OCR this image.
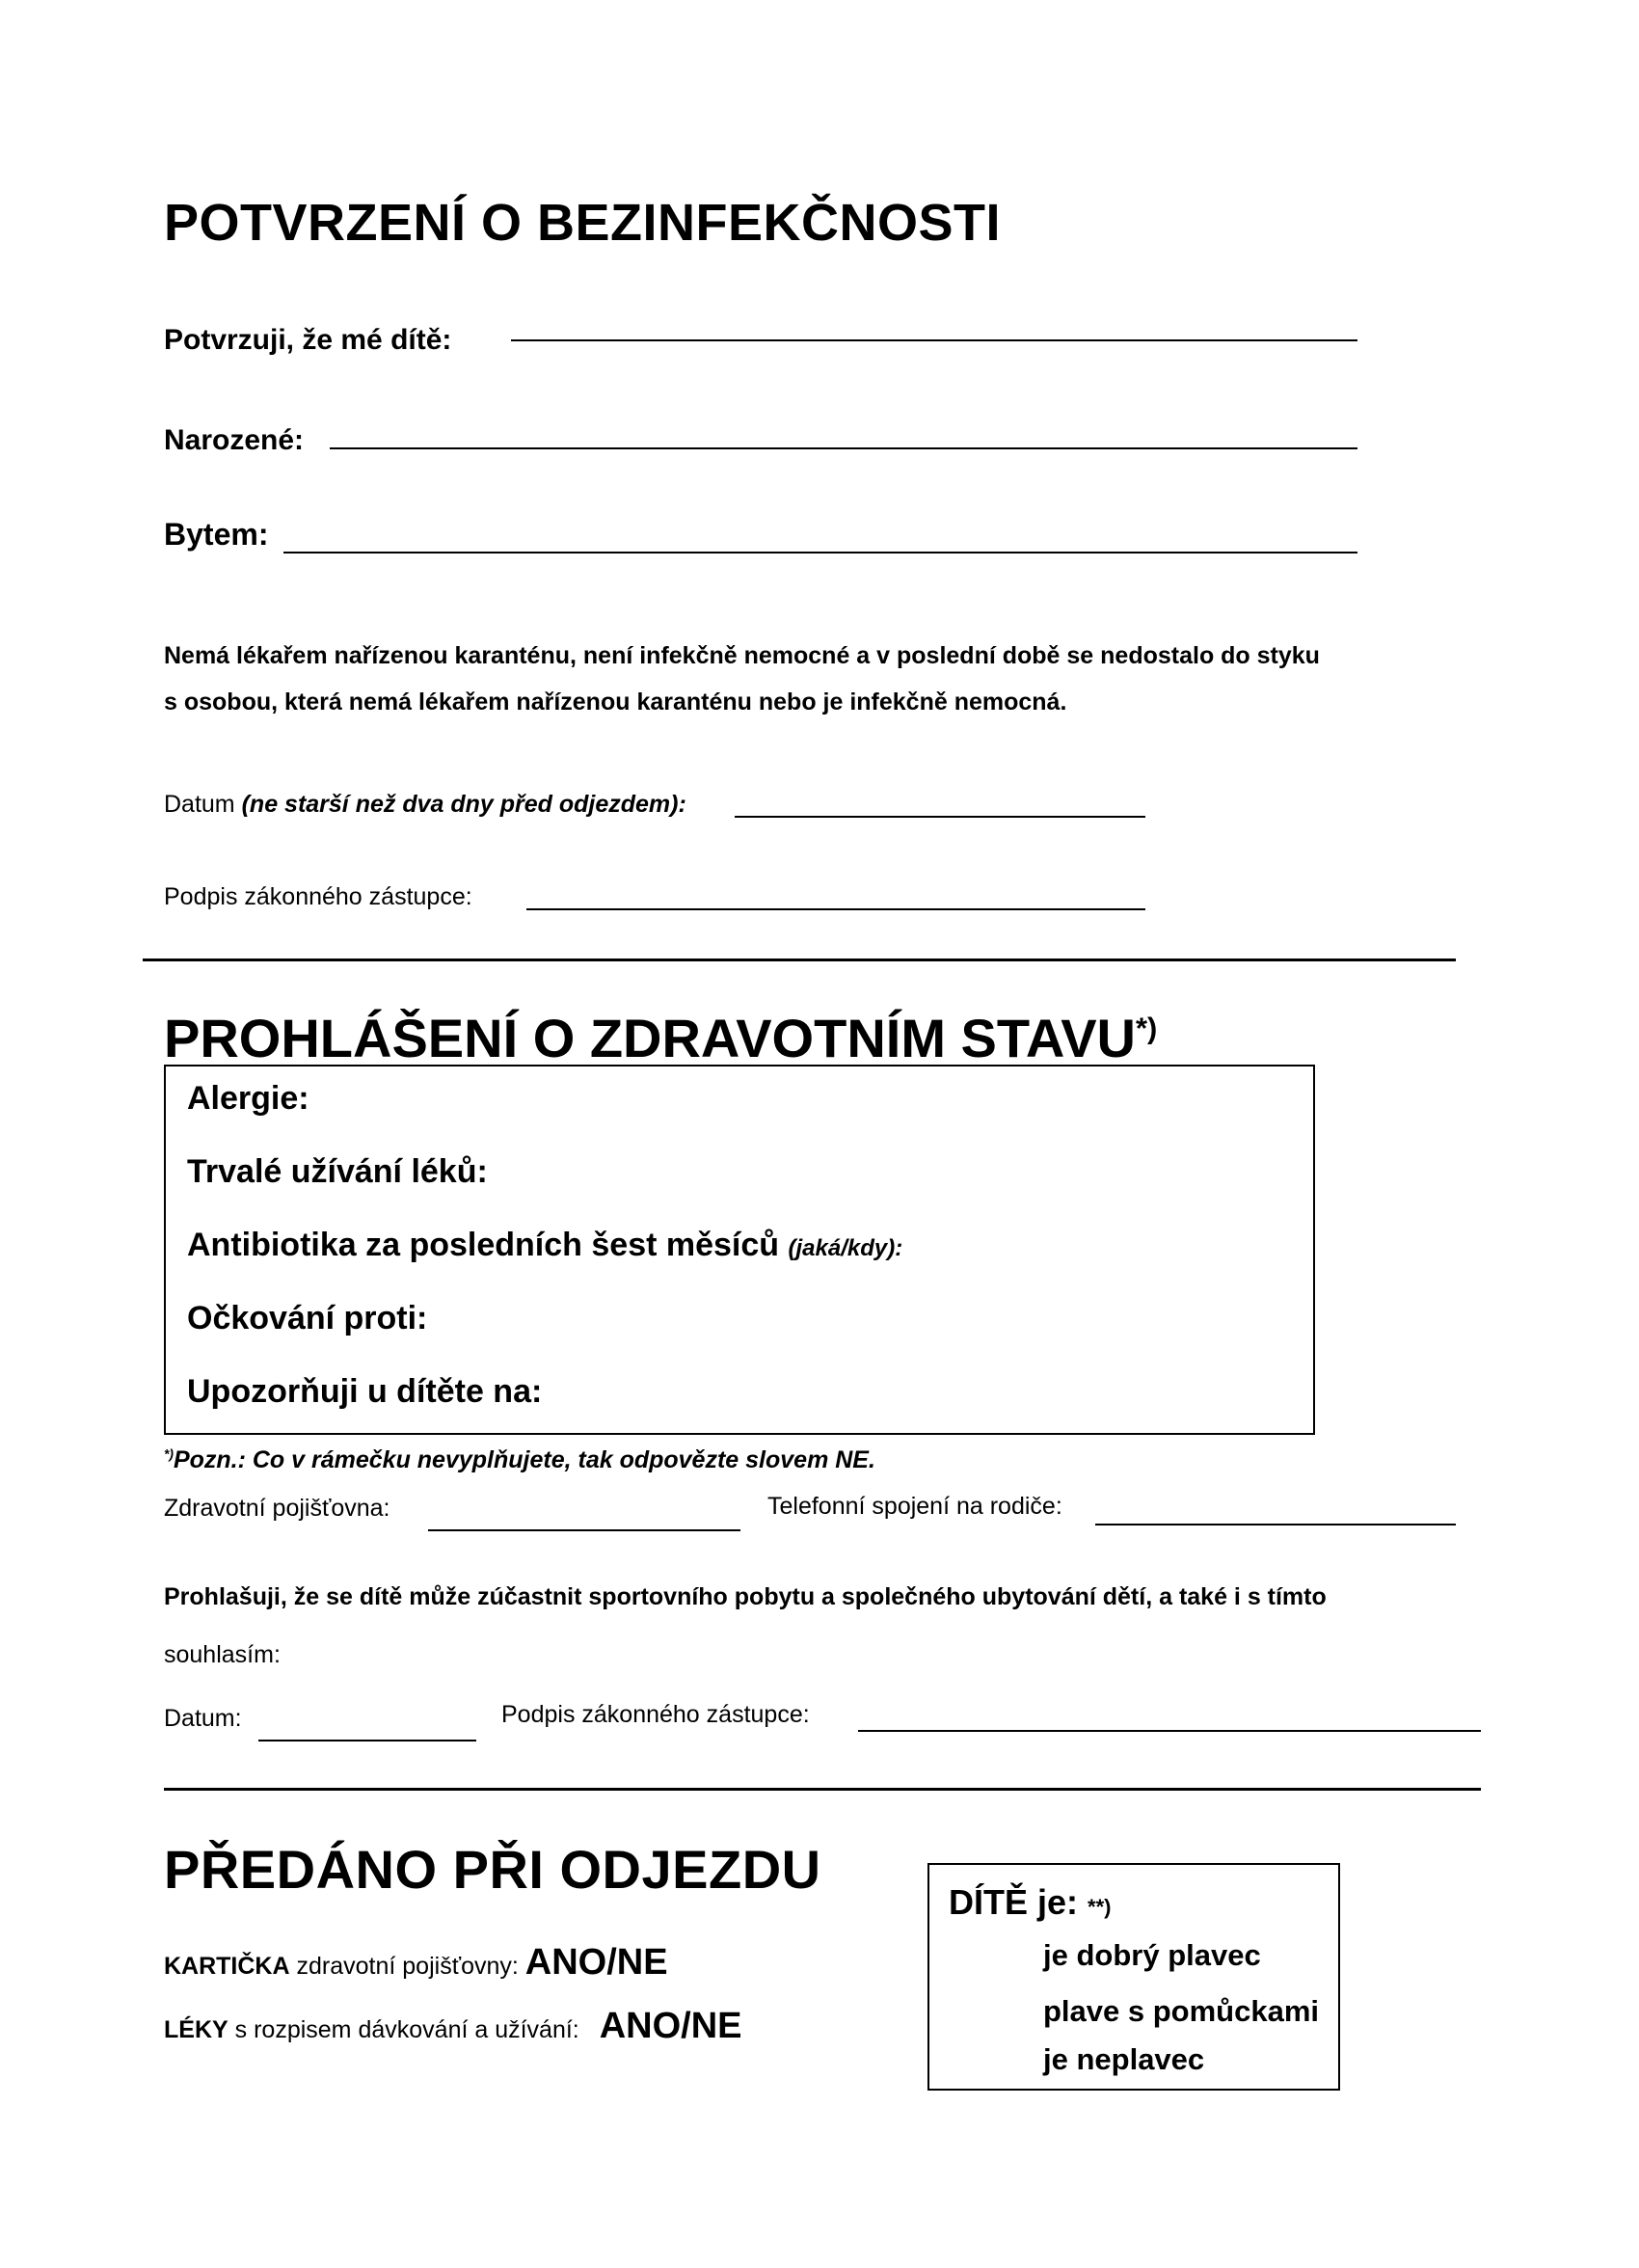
POTVRZENÍ O BEZINFEKČNOSTI
Potvrzuji, že mé dítě:
Narozené:
Bytem:
Nemá lékařem nařízenou karanténu, není infekčně nemocné a v poslední době se nedostalo do styku
s osobou, která nemá lékařem nařízenou karanténu nebo je infekčně nemocná.
Datum (ne starší než dva dny před odjezdem):
Podpis zákonného zástupce:
PROHLÁŠENÍ O ZDRAVOTNÍM STAVU*)
Alergie:
Trvalé užívání léků:
Antibiotika za posledních šest měsíců (jaká/kdy):
Očkování proti:
Upozorňuji u dítěte na:
*)Pozn.: Co v rámečku nevyplňujete, tak odpovězte slovem NE.
Zdravotní pojišťovna:	Telefonní spojení na rodiče:
Prohlašuji, že se dítě může zúčastnit sportovního pobytu a společného ubytování dětí, a také i s tímto
souhlasím:
Datum:	Podpis zákonného zástupce:
PŘEDÁNO PŘI ODJEZDU
KARTIČKA zdravotní pojišťovny: ANO/NE
LÉKY s rozpisem dávkování a užívání: ANO/NE
DÍTĚ je: **)
je dobrý plavec
plave s pomůckami
je neplavec
